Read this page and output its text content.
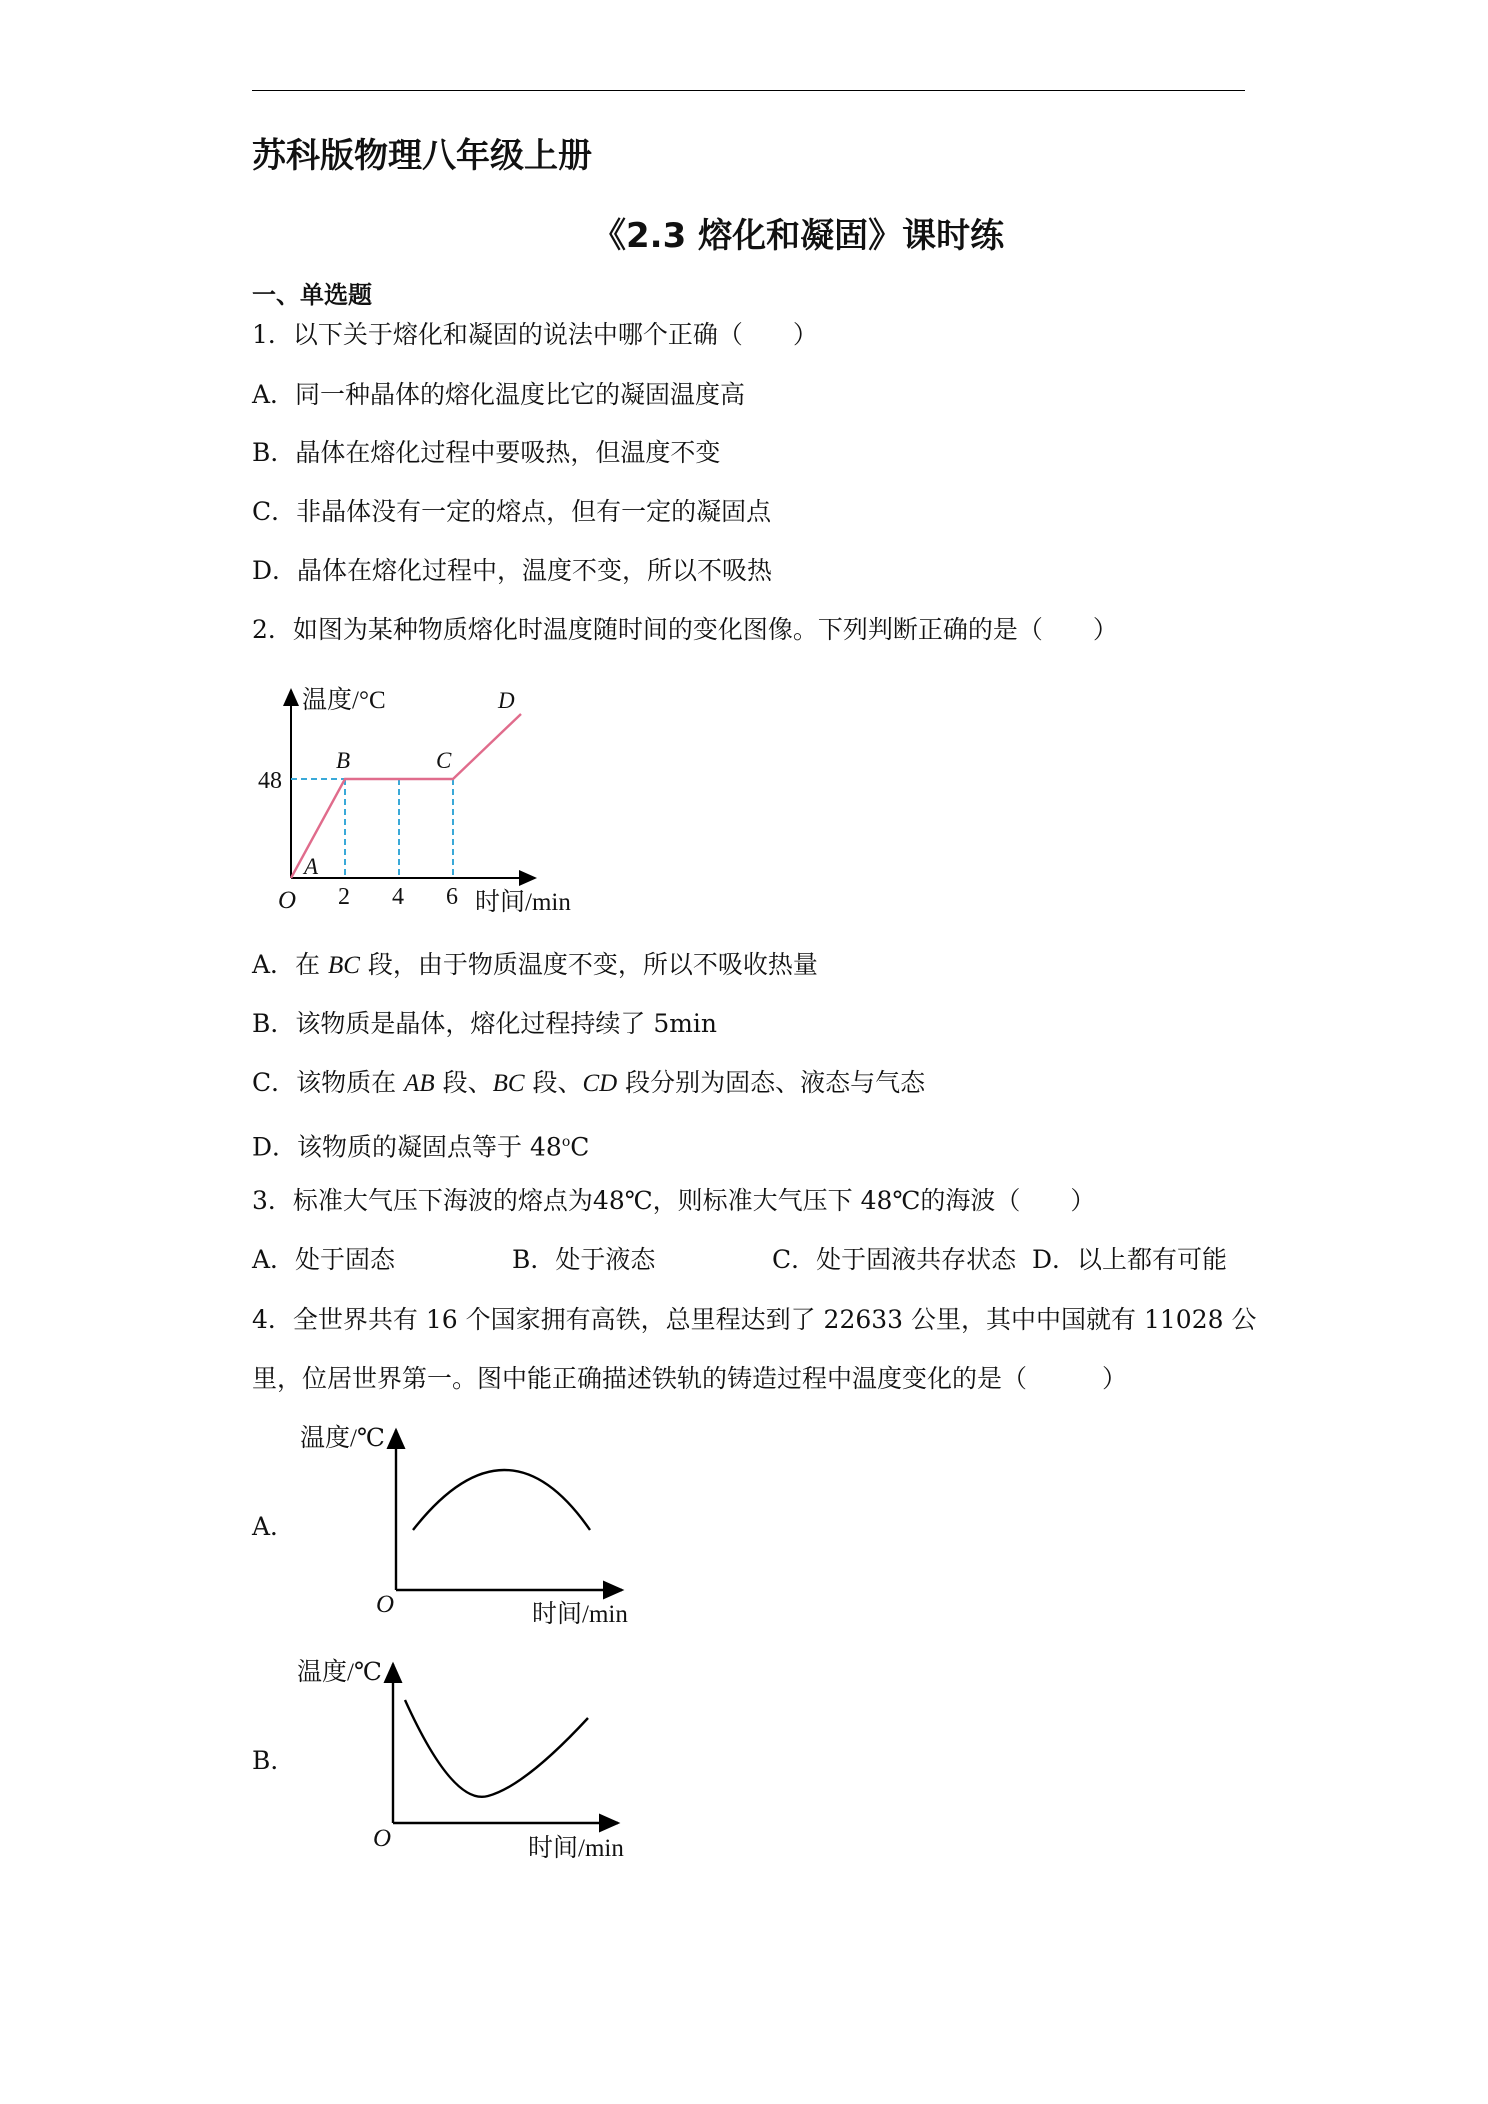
苏科版物理八年级上册
《2.3 熔化和凝固》课时练
一、单选题
1．以下关于熔化和凝固的说法中哪个正确（　　）
A．同一种晶体的熔化温度比它的凝固温度高
B．晶体在熔化过程中要吸热，但温度不变
C．非晶体没有一定的熔点，但有一定的凝固点
D．晶体在熔化过程中，温度不变，所以不吸热
2．如图为某种物质熔化时温度随时间的变化图像。下列判断正确的是（　　）
温度/°C
时间/min
O
48
2 4 6
A
B	C
D
A．在 BC 段，由于物质温度不变，所以不吸收热量
B．该物质是晶体，熔化过程持续了 5min
C．该物质在 AB 段、BC 段、CD 段分别为固态、液态与气态
D．该物质的凝固点等于 48$^o$C
3．标准大气压下海波的熔点为48℃，则标准大气压下 48℃的海波（　　）
A．处于固态	B．处于液态	C．处于固液共存状态 D．以上都有可能
4．全世界共有 16 个国家拥有高铁，总里程达到了 22633 公里，其中中国就有 11028 公
里，位居世界第一。图中能正确描述铁轨的铸造过程中温度变化的是（　　　）
A．
温度/℃
时间/min
O
B．
温度/℃
时间/min
O
